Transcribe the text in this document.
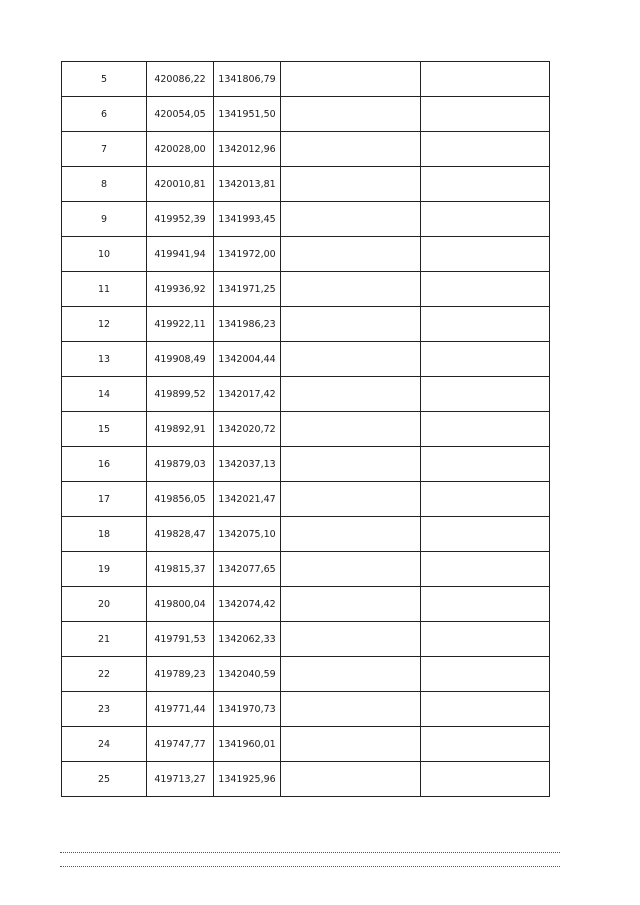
5	420086,22	1341806,79		
6	420054,05	1341951,50		
7	420028,00	1342012,96		
8	420010,81	1342013,81		
9	419952,39	1341993,45		
10	419941,94	1341972,00		
11	419936,92	1341971,25		
12	419922,11	1341986,23		
13	419908,49	1342004,44		
14	419899,52	1342017,42		
15	419892,91	1342020,72		
16	419879,03	1342037,13		
17	419856,05	1342021,47		
18	419828,47	1342075,10		
19	419815,37	1342077,65		
20	419800,04	1342074,42		
21	419791,53	1342062,33		
22	419789,23	1342040,59		
23	419771,44	1341970,73		
24	419747,77	1341960,01		
25	419713,27	1341925,96		
